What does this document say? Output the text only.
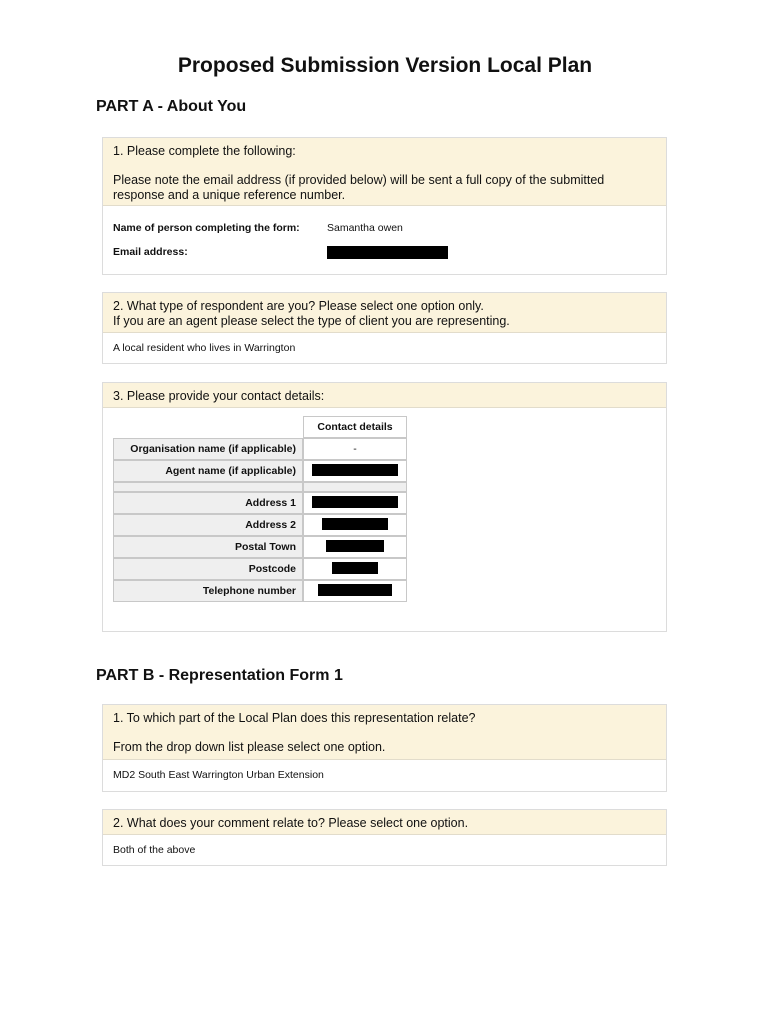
Proposed Submission Version Local Plan
PART A - About You

1. Please complete the following:

Please note the email address (if provided below) will be sent a full copy of the submitted

response and a unique reference number.

Name of person completing the form:	Samantha owen
Email address:

2. What type of respondent are you? Please select one option only.

If you are an agent please select the type of client you are representing.

A local resident who lives in Warrington

3. Please provide your contact details:

	Contact details
Organisation name (if applicable)	-
Agent name (if applicable)	

Address 1	
Address 2	
Postal Town	
Postcode	
Telephone number	
PART B - Representation Form 1

1. To which part of the Local Plan does this representation relate?

From the drop down list please select one option.

MD2 South East Warrington Urban Extension

2. What does your comment relate to? Please select one option.

Both of the above
